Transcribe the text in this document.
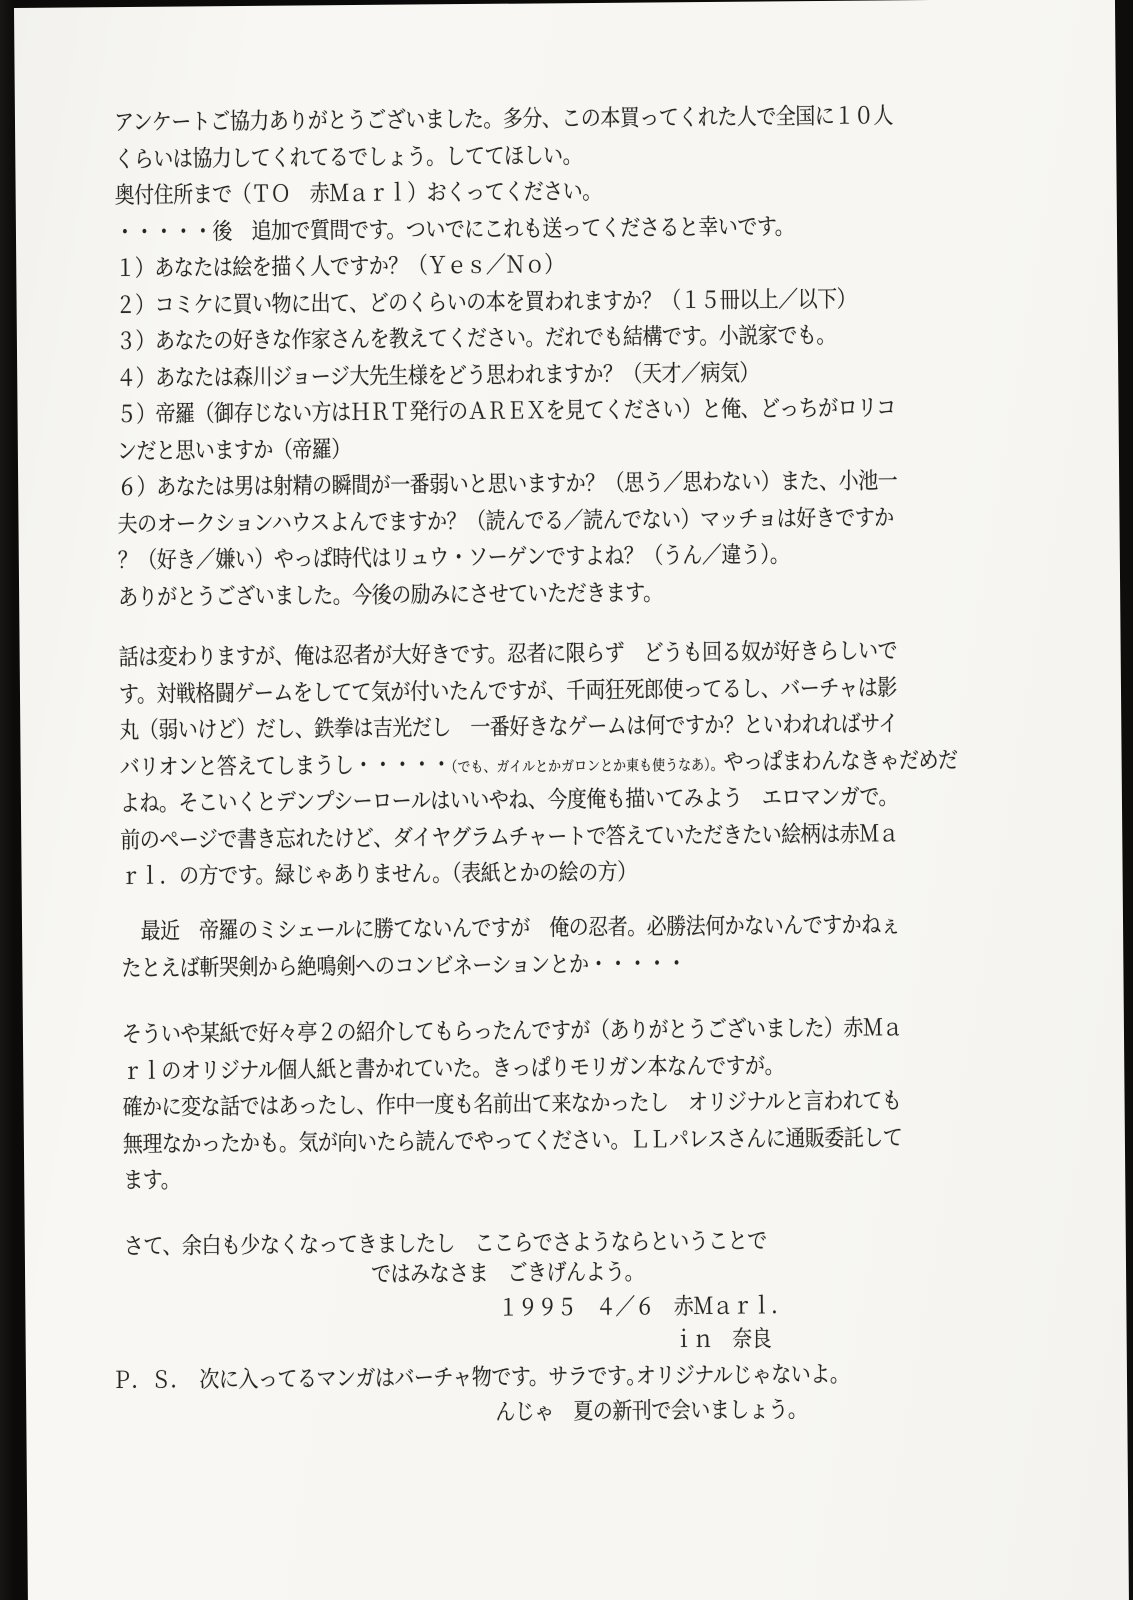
アンケートご協力ありがとうございました。多分、この本買ってくれた人で全国に１０人
くらいは協力してくれてるでしょう。しててほしい。
奥付住所まで（ＴＯ　赤Ｍａｒｌ）おくってください。
・・・・・後　追加で質問です。ついでにこれも送ってくださると幸いです。
１）あなたは絵を描く人ですか？（Ｙｅｓ／Ｎｏ）
２）コミケに買い物に出て、どのくらいの本を買われますか？（１５冊以上／以下）
３）あなたの好きな作家さんを教えてください。だれでも結構です。小説家でも。
４）あなたは森川ジョージ大先生様をどう思われますか？（天才／病気）
５）帝羅（御存じない方はＨＲＴ発行のＡＲＥＸを見てください）と俺、どっちがロリコ
ンだと思いますか（帝羅）
６）あなたは男は射精の瞬間が一番弱いと思いますか？（思う／思わない）また、小池一
夫のオークションハウスよんでますか？（読んでる／読んでない）マッチョは好きですか
？（好き／嫌い）やっぱ時代はリュウ・ソーゲンですよね？（うん／違う）。
ありがとうございました。今後の励みにさせていただきます。
話は変わりますが、俺は忍者が大好きです。忍者に限らず　どうも回る奴が好きらしいで
す。対戦格闘ゲームをしてて気が付いたんですが、千両狂死郎使ってるし、バーチャは影
丸（弱いけど）だし、鉄拳は吉光だし　一番好きなゲームは何ですか？といわれればサイ
バリオンと答えてしまうし・・・・・（でも、ガイルとかガロンとか東も使うなあ）。やっぱまわんなきゃだめだ
よね。そこいくとデンプシーロールはいいやね、今度俺も描いてみよう　エロマンガで。
前のページで書き忘れたけど、ダイヤグラムチャートで答えていただきたい絵柄は赤Ｍａ
ｒｌ．の方です。緑じゃありません。（表紙とかの絵の方）
　最近　帝羅のミシェールに勝てないんですが　俺の忍者。必勝法何かないんですかねぇ
たとえば斬哭剣から絶鳴剣へのコンビネーションとか・・・・・
そういや某紙で好々亭２の紹介してもらったんですが（ありがとうございました）赤Ｍａ
ｒｌのオリジナル個人紙と書かれていた。きっぱりモリガン本なんですが。
確かに変な話ではあったし、作中一度も名前出て来なかったし　オリジナルと言われても
無理なかったかも。気が向いたら読んでやってください。ＬＬパレスさんに通販委託して
ます。
さて、余白も少なくなってきましたし　ここらでさようならということで
ではみなさま　ごきげんよう。
１９９５　４／６　赤Ｍａｒｌ．
ｉｎ　奈良
Ｐ．Ｓ．　次に入ってるマンガはバーチャ物です。サラです｡オリジナルじゃないよ。
んじゃ　夏の新刊で会いましょう。
